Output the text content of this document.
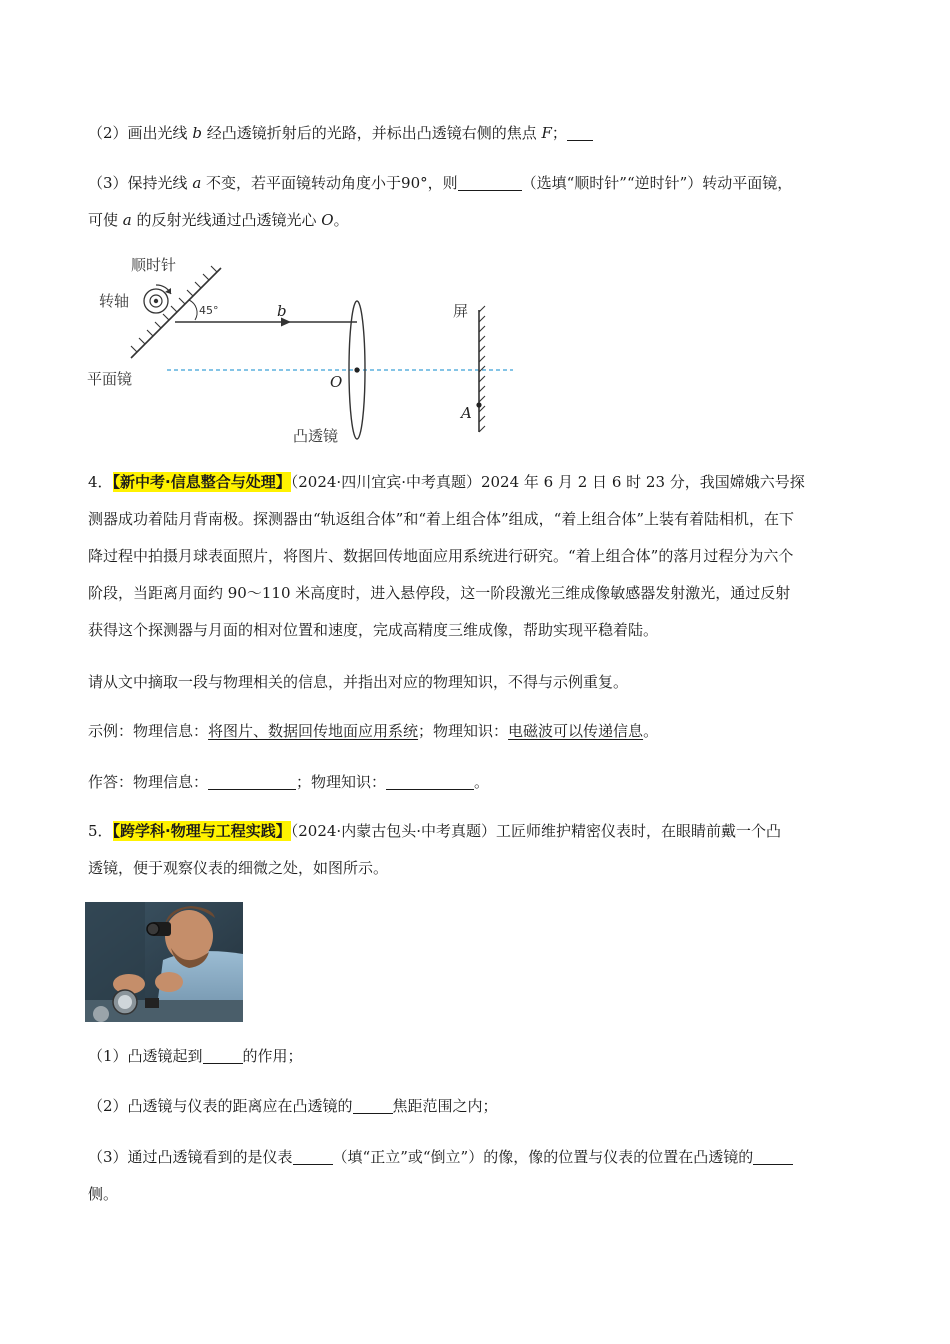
（2）画出光线 b 经凸透镜折射后的光路，并标出凸透镜右侧的焦点 F；
（3）保持光线 a 不变，若平面镜转动角度小于90°，则	（选填“顺时针”“逆时针”）转动平面镜，
可使 a 的反射光线通过凸透镜光心 O。
顺时针
转轴
平面镜
45°	b
O
凸透镜
屏
A
4．【新中考·信息整合与处理】（2024·四川宜宾·中考真题）2024 年 6 月 2 日 6 时 23 分，我国嫦娥六号探
测器成功着陆月背南极。探测器由“轨返组合体”和“着上组合体”组成，“着上组合体”上装有着陆相机，在下
降过程中拍摄月球表面照片，将图片、数据回传地面应用系统进行研究。“着上组合体”的落月过程分为六个
阶段，当距离月面约 90～110 米高度时，进入悬停段，这一阶段激光三维成像敏感器发射激光，通过反射
获得这个探测器与月面的相对位置和速度，完成高精度三维成像，帮助实现平稳着陆。
请从文中摘取一段与物理相关的信息，并指出对应的物理知识，不得与示例重复。
示例：物理信息：将图片、数据回传地面应用系统；物理知识：电磁波可以传递信息。
作答：物理信息：	；物理知识：	。
5．【跨学科·物理与工程实践】（2024·内蒙古包头·中考真题）工匠师维护精密仪表时，在眼睛前戴一个凸
透镜，便于观察仪表的细微之处，如图所示。
（1）凸透镜起到	的作用；
（2）凸透镜与仪表的距离应在凸透镜的	焦距范围之内；
（3）通过凸透镜看到的是仪表	（填“正立”或“倒立”）的像，像的位置与仪表的位置在凸透镜的
侧。
